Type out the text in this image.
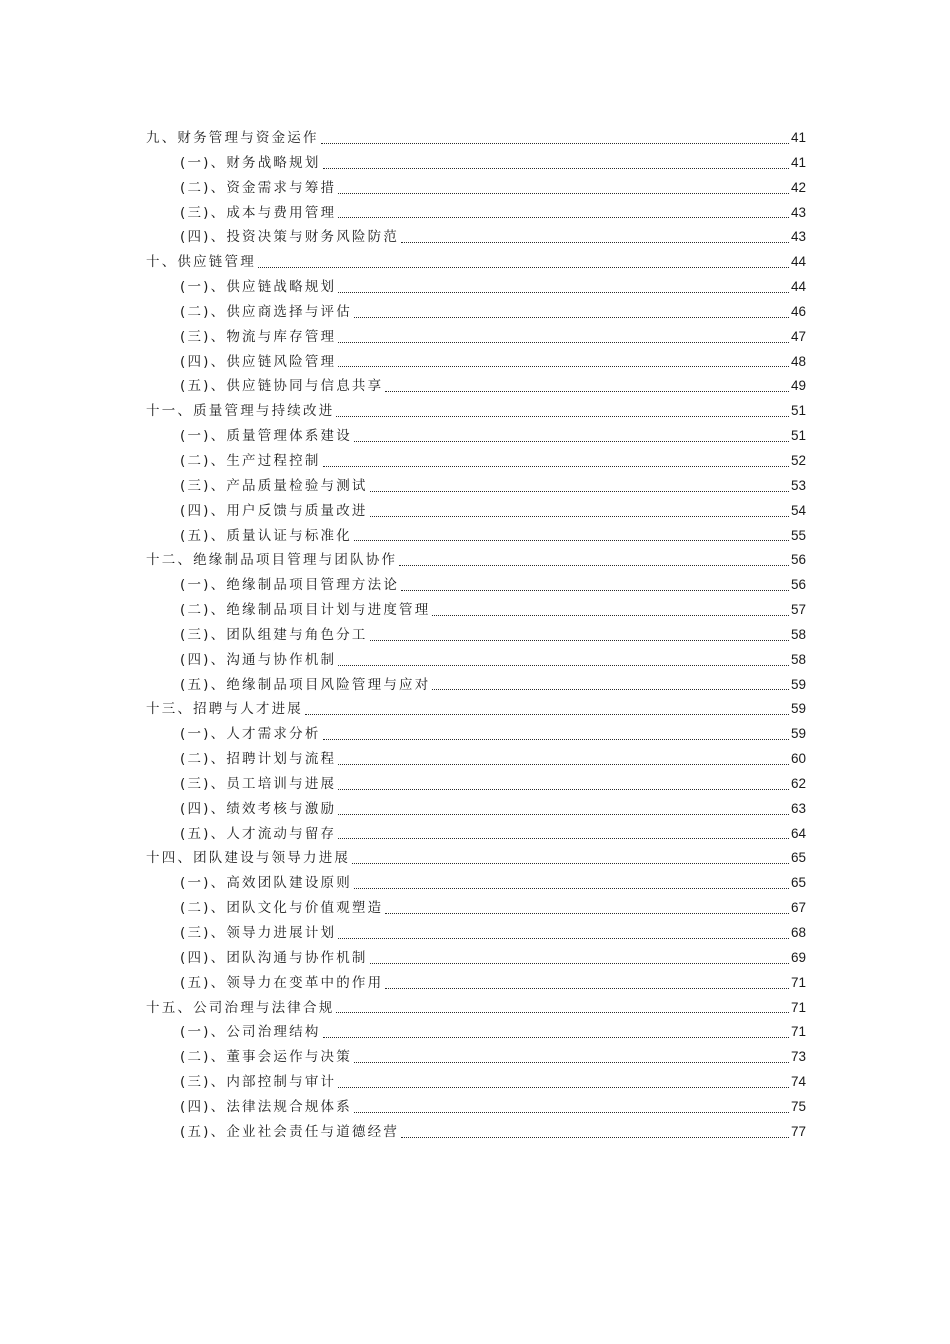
九、财务管理与资金运作	41
(一)、财务战略规划	41
(二)、资金需求与筹措	42
(三)、成本与费用管理	43
(四)、投资决策与财务风险防范	43
十、供应链管理	44
(一)、供应链战略规划	44
(二)、供应商选择与评估	46
(三)、物流与库存管理	47
(四)、供应链风险管理	48
(五)、供应链协同与信息共享	49
十一、质量管理与持续改进	51
(一)、质量管理体系建设	51
(二)、生产过程控制	52
(三)、产品质量检验与测试	53
(四)、用户反馈与质量改进	54
(五)、质量认证与标准化	55
十二、绝缘制品项目管理与团队协作	56
(一)、绝缘制品项目管理方法论	56
(二)、绝缘制品项目计划与进度管理	57
(三)、团队组建与角色分工	58
(四)、沟通与协作机制	58
(五)、绝缘制品项目风险管理与应对	59
十三、招聘与人才进展	59
(一)、人才需求分析	59
(二)、招聘计划与流程	60
(三)、员工培训与进展	62
(四)、绩效考核与激励	63
(五)、人才流动与留存	64
十四、团队建设与领导力进展	65
(一)、高效团队建设原则	65
(二)、团队文化与价值观塑造	67
(三)、领导力进展计划	68
(四)、团队沟通与协作机制	69
(五)、领导力在变革中的作用	71
十五、公司治理与法律合规	71
(一)、公司治理结构	71
(二)、董事会运作与决策	73
(三)、内部控制与审计	74
(四)、法律法规合规体系	75
(五)、企业社会责任与道德经营	77
